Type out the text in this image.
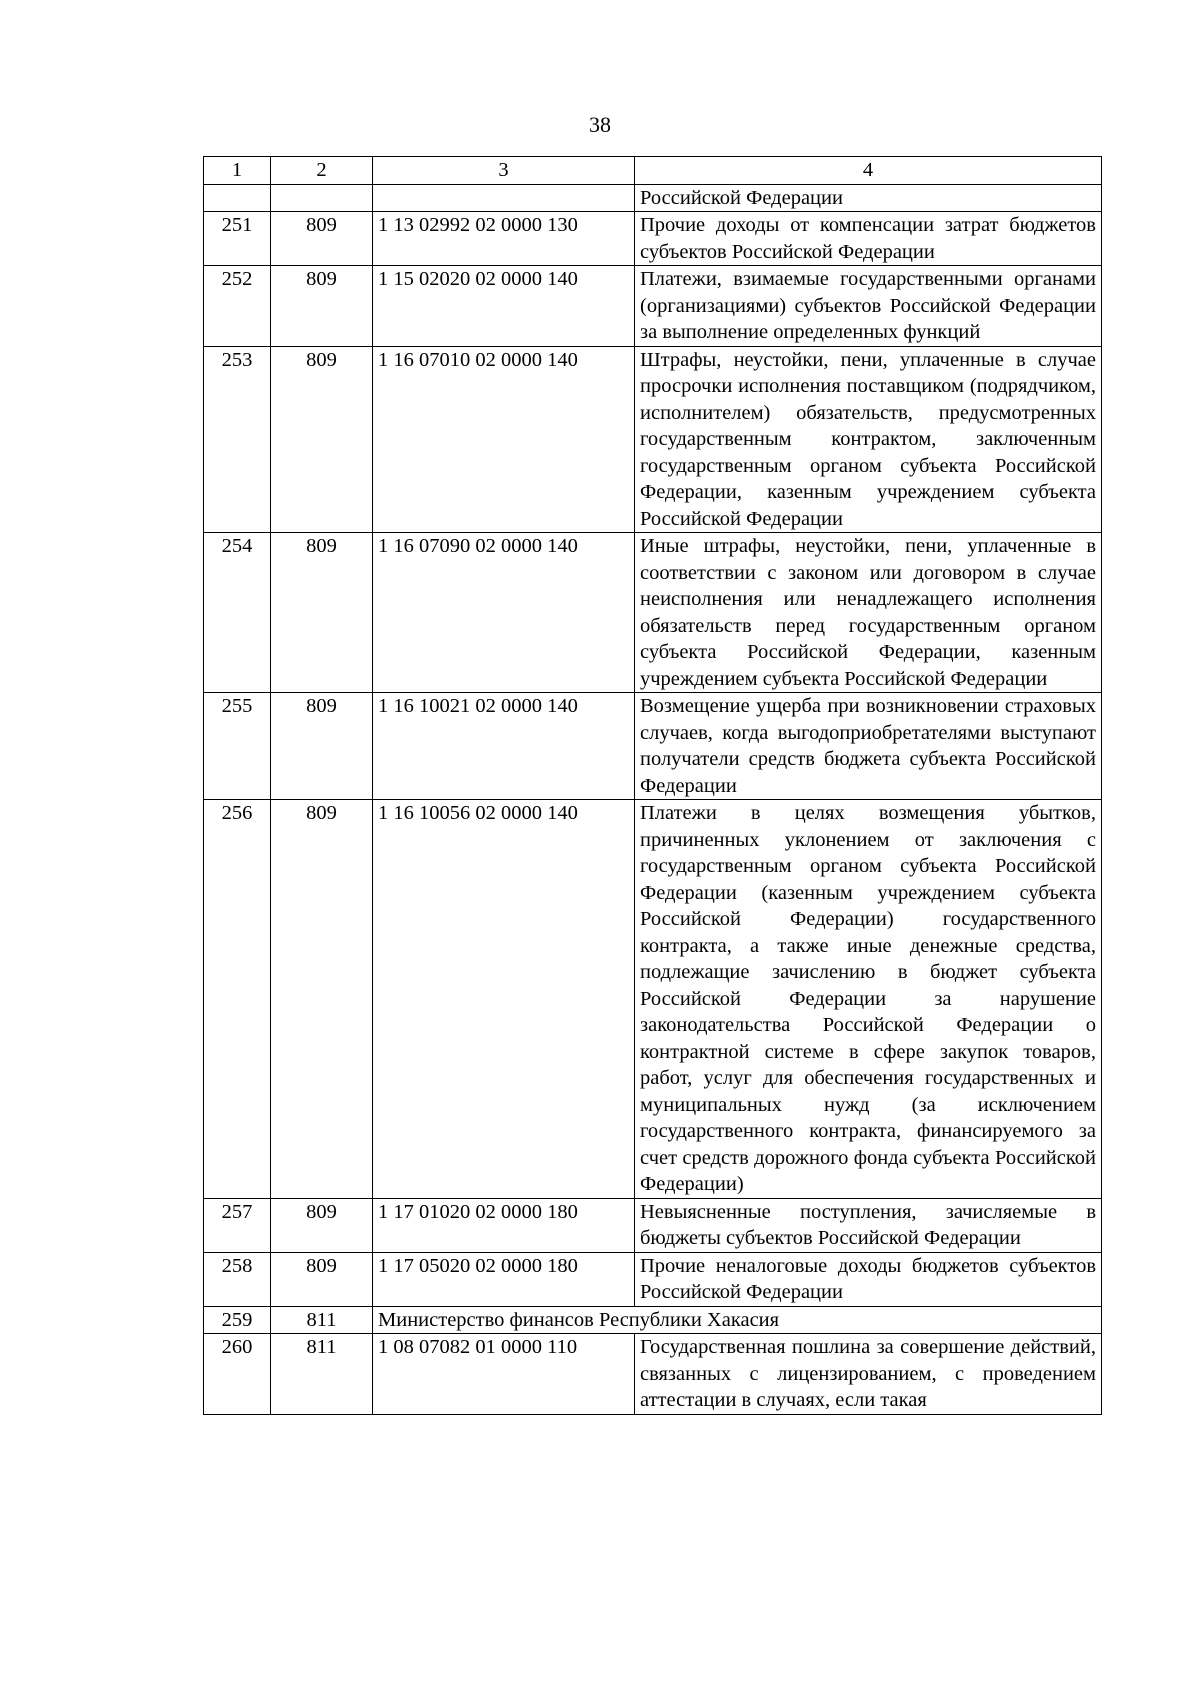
38
1	2	3	4
			Российской Федерации
251	809	1 13 02992 02 0000 130	Прочие доходы от компенсации затрат бюджетов субъектов Российской Федерации
252	809	1 15 02020 02 0000 140	Платежи, взимаемые государственными органами (организациями) субъектов Российской Федерации за выполнение определенных функций
253	809	1 16 07010 02 0000 140	Штрафы, неустойки, пени, уплаченные в случае просрочки исполнения поставщиком (подрядчиком, исполнителем) обязательств, предусмотренных государственным контрактом, заключенным государственным органом субъекта Российской Федерации, казенным учреждением субъекта Российской Федерации
254	809	1 16 07090 02 0000 140	Иные штрафы, неустойки, пени, уплаченные в соответствии с законом или договором в случае неисполнения или ненадлежащего исполнения обязательств перед государственным органом субъекта Российской Федерации, казенным учреждением субъекта Российской Федерации
255	809	1 16 10021 02 0000 140	Возмещение ущерба при возникновении страховых случаев, когда выгодоприобретателями выступают получатели средств бюджета субъекта Российской Федерации
256	809	1 16 10056 02 0000 140	Платежи в целях возмещения убытков, причиненных уклонением от заключения с государственным органом субъекта Российской Федерации (казенным учреждением субъекта Российской Федерации) государственного контракта, а также иные денежные средства, подлежащие зачислению в бюджет субъекта Российской Федерации за нарушение законодательства Российской Федерации о контрактной системе в сфере закупок товаров, работ, услуг для обеспечения государственных и муниципальных нужд (за исключением государственного контракта, финансируемого за счет средств дорожного фонда субъекта Российской Федерации)
257	809	1 17 01020 02 0000 180	Невыясненные поступления, зачисляемые в бюджеты субъектов Российской Федерации
258	809	1 17 05020 02 0000 180	Прочие неналоговые доходы бюджетов субъектов Российской Федерации
259	811	Министерство финансов Республики Хакасия	
260	811	1 08 07082 01 0000 110	Государственная пошлина за совершение действий, связанных с лицензированием, с проведением аттестации в случаях, если такая
